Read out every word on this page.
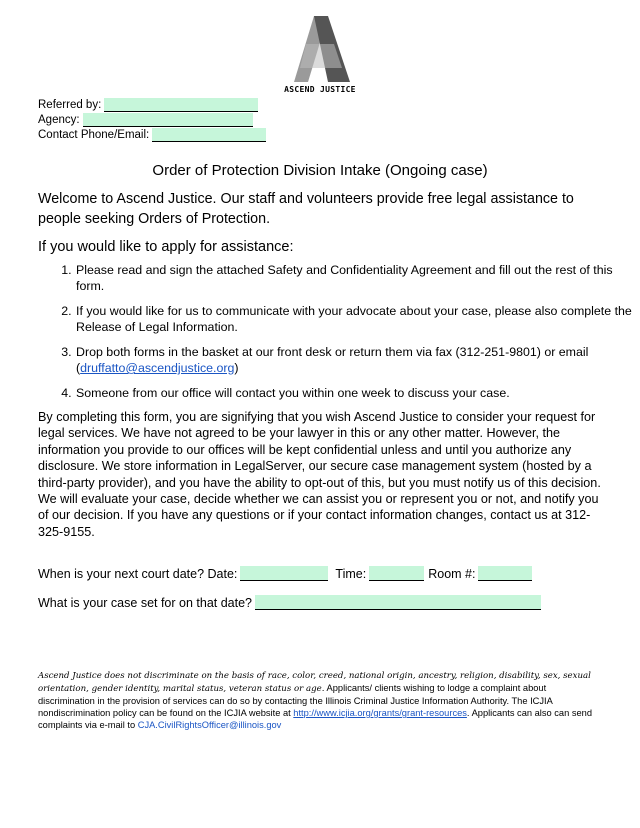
ASCEND JUSTICE
Referred by:
Agency:
Contact Phone/Email:
Order of Protection Division Intake (Ongoing case)
Welcome to Ascend Justice. Our staff and volunteers provide free legal assistance to people seeking Orders of Protection.
If you would like to apply for assistance:
1. Please read and sign the attached Safety and Confidentiality Agreement and fill out the rest of this form.
2. If you would like for us to communicate with your advocate about your case, please also complete the Release of Legal Information.
3. Drop both forms in the basket at our front desk or return them via fax (312-251-9801) or email (druffatto@ascendjustice.org)
4. Someone from our office will contact you within one week to discuss your case.
By completing this form, you are signifying that you wish Ascend Justice to consider your request for legal services. We have not agreed to be your lawyer in this or any other matter. However, the information you provide to our offices will be kept confidential unless and until you authorize any disclosure. We store information in LegalServer, our secure case management system (hosted by a third-party provider), and you have the ability to opt-out of this, but you must notify us of this decision. We will evaluate your case, decide whether we can assist you or represent you or not, and notify you of our decision. If you have any questions or if your contact information changes, contact us at 312-325-9155.
When is your next court date? Date:	Time:	Room #:
What is your case set for on that date?
Ascend Justice does not discriminate on the basis of race, color, creed, national origin, ancestry, religion, disability, sex, sexual orientation, gender identity, marital status, veteran status or age. Applicants/ clients wishing to lodge a complaint about discrimination in the provision of services can do so by contacting the Illinois Criminal Justice Information Authority. The ICJIA nondiscrimination policy can be found on the ICJIA website at http://www.icjia.org/grants/grant-resources. Applicants can also can send complaints via e-mail to CJA.CivilRightsOfficer@illinois.gov
